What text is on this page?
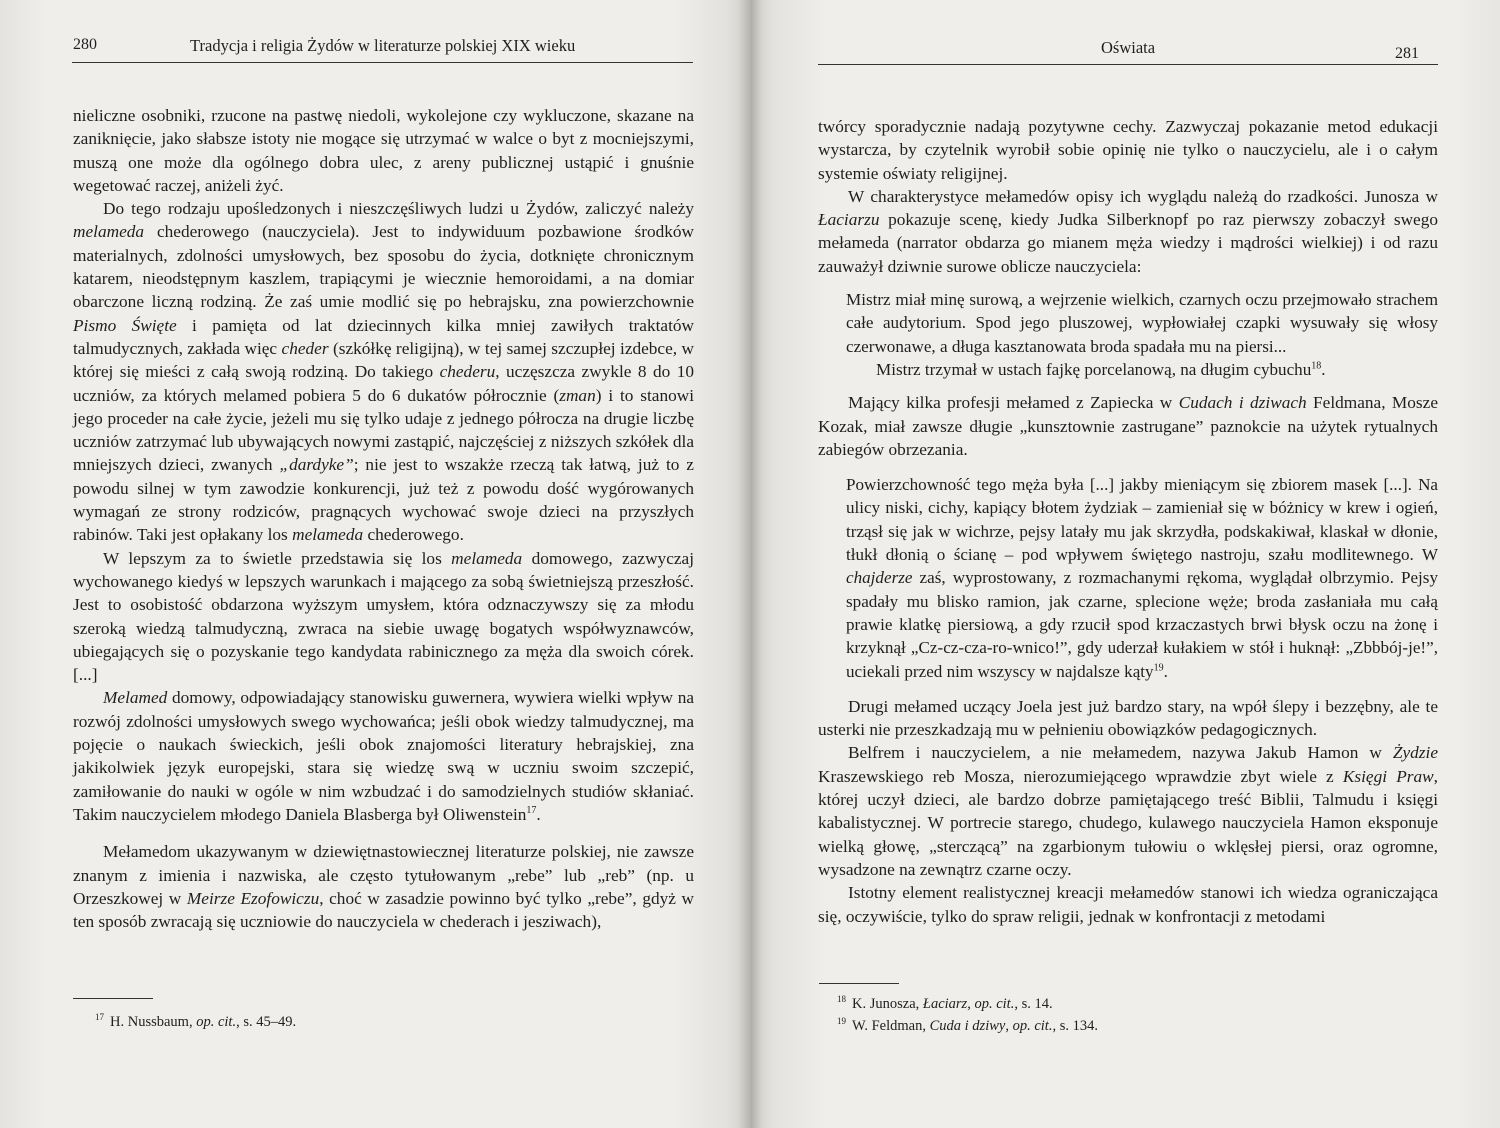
280	Tradycja i religia Żydów w literaturze polskiej XIX wieku

nieliczne osobniki, rzucone na pastwę niedoli, wykolejone czy wykluczone, skazane na zaniknięcie, jako słabsze istoty nie mogące się utrzymać w walce o byt z mocniejszymi, muszą one może dla ogólnego dobra ulec, z areny publicznej ustąpić i gnuśnie wegetować raczej, aniżeli żyć.

Do tego rodzaju upośledzonych i nieszczęśliwych ludzi u Żydów, zaliczyć należy melameda chederowego (nauczyciela). Jest to indywiduum pozbawione środków materialnych, zdolności umysłowych, bez sposobu do życia, dotknięte chronicznym katarem, nieodstępnym kaszlem, trapiącymi je wiecznie hemoroidami, a na domiar obarczone liczną rodziną. Że zaś umie modlić się po hebrajsku, zna powierzchownie Pismo Święte i pamięta od lat dziecinnych kilka mniej zawiłych traktatów talmudycznych, zakłada więc cheder (szkółkę religijną), w tej samej szczupłej izdebce, w której się mieści z całą swoją rodziną. Do takiego chederu, uczęszcza zwykle 8 do 10 uczniów, za których melamed pobiera 5 do 6 dukatów półrocznie (zman) i to stanowi jego proceder na całe życie, jeżeli mu się tylko udaje z jednego półrocza na drugie liczbę uczniów zatrzymać lub ubywających nowymi zastąpić, najczęściej z niższych szkółek dla mniejszych dzieci, zwanych „dardyke”; nie jest to wszakże rzeczą tak łatwą, już to z powodu silnej w tym zawodzie konkurencji, już też z powodu dość wygórowanych wymagań ze strony rodziców, pragnących wychować swoje dzieci na przyszłych rabinów. Taki jest opłakany los melameda chederowego.

W lepszym za to świetle przedstawia się los melameda domowego, zazwyczaj wychowanego kiedyś w lepszych warunkach i mającego za sobą świetniejszą przeszłość. Jest to osobistość obdarzona wyższym umysłem, która odznaczywszy się za młodu szeroką wiedzą talmudyczną, zwraca na siebie uwagę bogatych współwyznawców, ubiegających się o pozyskanie tego kandydata rabinicznego za męża dla swoich córek. [...]

Melamed domowy, odpowiadający stanowisku guwernera, wywiera wielki wpływ na rozwój zdolności umysłowych swego wychowańca; jeśli obok wiedzy talmudycznej, ma pojęcie o naukach świeckich, jeśli obok znajomości literatury hebrajskiej, zna jakikolwiek język europejski, stara się wiedzę swą w uczniu swoim szczepić, zamiłowanie do nauki w ogóle w nim wzbudzać i do samodzielnych studiów skłaniać. Takim nauczycielem młodego Daniela Blasberga był Oliwenstein$^{17}$.

Mełamedom ukazywanym w dziewiętnastowiecznej literaturze polskiej, nie zawsze znanym z imienia i nazwiska, ale często tytułowanym „rebe” lub „reb” (np. u Orzeszkowej w Meirze Ezofowiczu, choć w zasadzie powinno być tylko „rebe”, gdyż w ten sposób zwracają się uczniowie do nauczyciela w chederach i jesziwach),

$^{17}$ H. Nussbaum, op. cit., s. 45–49.
Oświata	281

twórcy sporadycznie nadają pozytywne cechy. Zazwyczaj pokazanie metod edukacji wystarcza, by czytelnik wyrobił sobie opinię nie tylko o nauczycielu, ale i o całym systemie oświaty religijnej.

W charakterystyce mełamedów opisy ich wyglądu należą do rzadkości. Junosza w Łaciarzu pokazuje scenę, kiedy Judka Silberknopf po raz pierwszy zobaczył swego mełameda (narrator obdarza go mianem męża wiedzy i mądrości wielkiej) i od razu zauważył dziwnie surowe oblicze nauczyciela:

Mistrz miał minę surową, a wejrzenie wielkich, czarnych oczu przejmowało strachem całe audytorium. Spod jego pluszowej, wypłowiałej czapki wysuwały się włosy czerwonawe, a długa kasztanowata broda spadała mu na piersi...

Mistrz trzymał w ustach fajkę porcelanową, na długim cybuchu$^{18}$.

Mający kilka profesji mełamed z Zapiecka w Cudach i dziwach Feldmana, Mosze Kozak, miał zawsze długie „kunsztownie zastrugane” paznokcie na użytek rytualnych zabiegów obrzezania.

Powierzchowność tego męża była [...] jakby mieniącym się zbiorem masek [...]. Na ulicy niski, cichy, kapiący błotem żydziak – zamieniał się w bóżnicy w krew i ogień, trząsł się jak w wichrze, pejsy latały mu jak skrzydła, podskakiwał, klaskał w dłonie, tłukł dłonią o ścianę – pod wpływem świętego nastroju, szału modlitewnego. W chajderze zaś, wyprostowany, z rozmachanymi rękoma, wyglądał olbrzymio. Pejsy spadały mu blisko ramion, jak czarne, splecione węże; broda zasłaniała mu całą prawie klatkę piersiową, a gdy rzucił spod krzaczastych brwi błysk oczu na żonę i krzyknął „Cz-cz-cza-ro-wnico!”, gdy uderzał kułakiem w stół i huknął: „Zbbbój-je!”, uciekali przed nim wszyscy w najdalsze kąty$^{19}$.

Drugi mełamed uczący Joela jest już bardzo stary, na wpół ślepy i bezzębny, ale te usterki nie przeszkadzają mu w pełnieniu obowiązków pedagogicznych.

Belfrem i nauczycielem, a nie mełamedem, nazywa Jakub Hamon w Żydzie Kraszewskiego reb Mosza, nierozumiejącego wprawdzie zbyt wiele z Księgi Praw, której uczył dzieci, ale bardzo dobrze pamiętającego treść Biblii, Talmudu i księgi kabalistycznej. W portrecie starego, chudego, kulawego nauczyciela Hamon eksponuje wielką głowę, „sterczącą” na zgarbionym tułowiu o wklęsłej piersi, oraz ogromne, wysadzone na zewnątrz czarne oczy.

Istotny element realistycznej kreacji mełamedów stanowi ich wiedza ograniczająca się, oczywiście, tylko do spraw religii, jednak w konfrontacji z metodami

$^{18}$ K. Junosza, Łaciarz, op. cit., s. 14.
$^{19}$ W. Feldman, Cuda i dziwy, op. cit., s. 134.
